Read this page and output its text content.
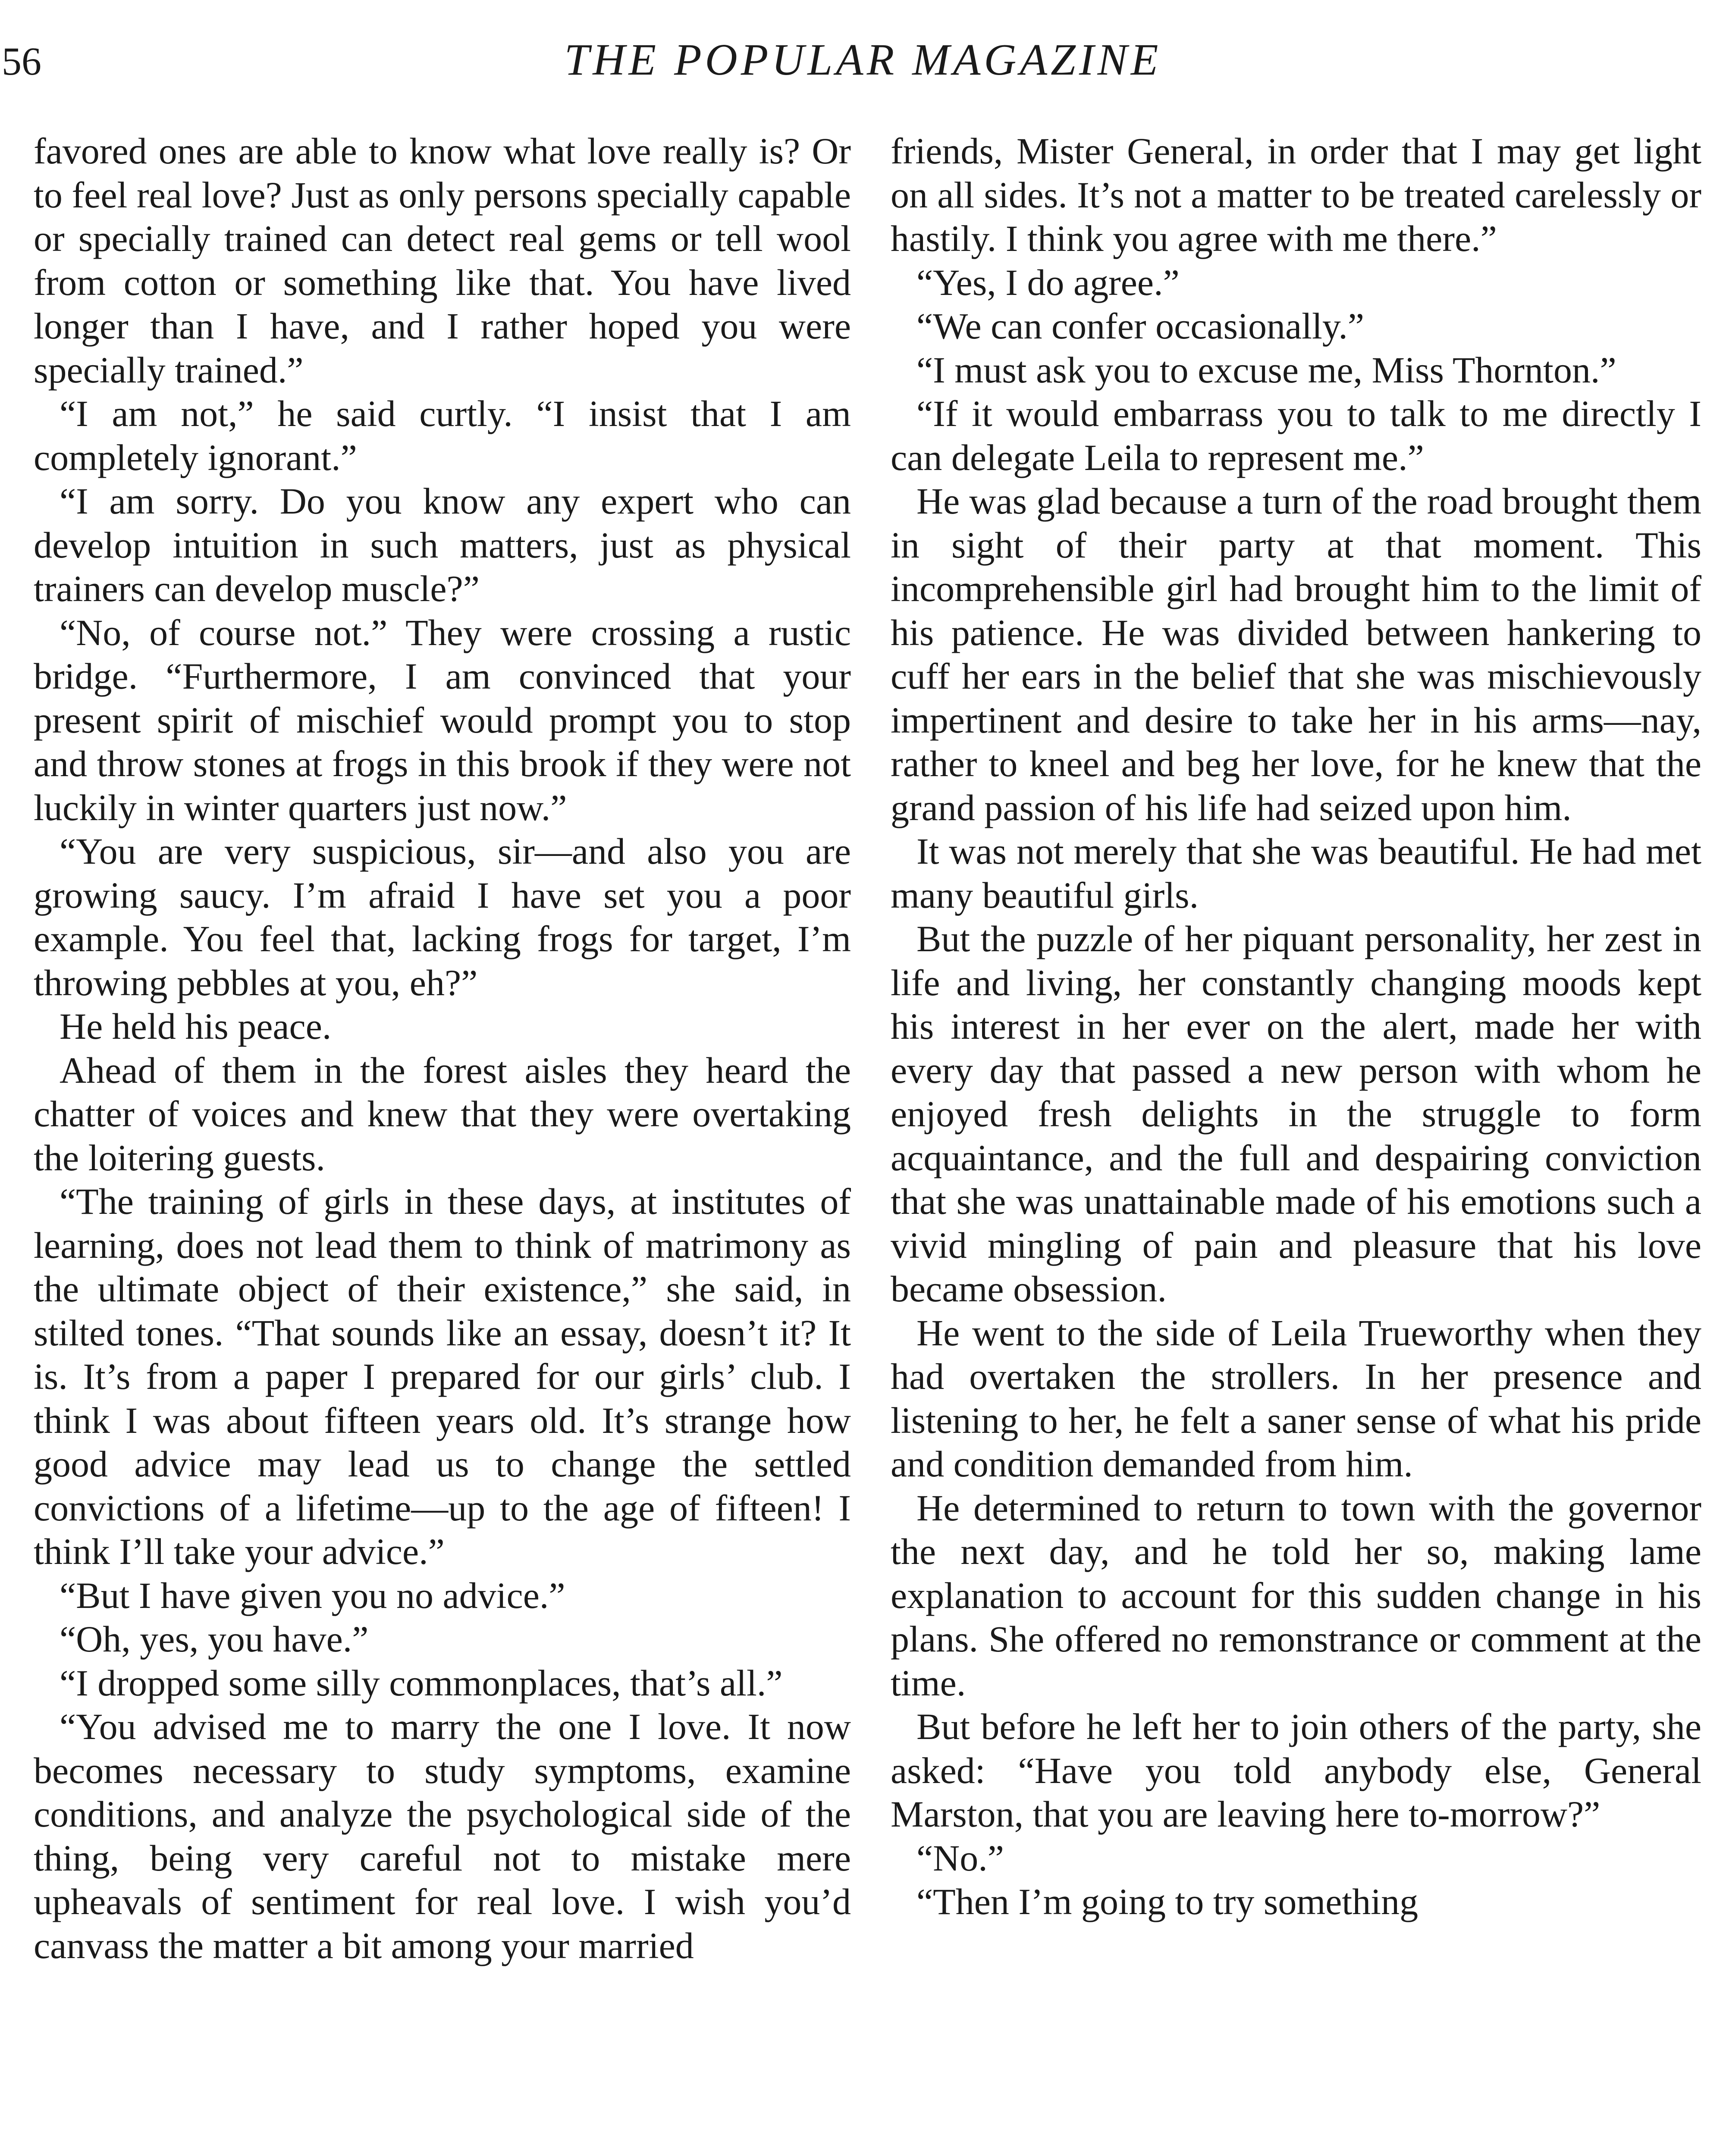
56	THE POPULAR MAGAZINE

favored ones are able to know what love really is? Or to feel real love? Just as only persons specially capable or specially trained can detect real gems or tell wool from cotton or something like that. You have lived longer than I have, and I rather hoped you were specially trained.”

“I am not,” he said curtly. “I insist that I am completely ignorant.”

“I am sorry. Do you know any expert who can develop intuition in such matters, just as physical trainers can develop muscle?”

“No, of course not.” They were crossing a rustic bridge. “Furthermore, I am convinced that your present spirit of mischief would prompt you to stop and throw stones at frogs in this brook if they were not luckily in winter quarters just now.”

“You are very suspicious, sir—and also you are growing saucy. I’m afraid I have set you a poor example. You feel that, lacking frogs for target, I’m throwing pebbles at you, eh?”

He held his peace.

Ahead of them in the forest aisles they heard the chatter of voices and knew that they were overtaking the loitering guests.

“The training of girls in these days, at institutes of learning, does not lead them to think of matrimony as the ultimate object of their existence,” she said, in stilted tones. “That sounds like an essay, doesn’t it? It is. It’s from a paper I prepared for our girls’ club. I think I was about fifteen years old. It’s strange how good advice may lead us to change the settled convictions of a lifetime—up to the age of fifteen! I think I’ll take your advice.”

“But I have given you no advice.”

“Oh, yes, you have.”

“I dropped some silly commonplaces, that’s all.”

“You advised me to marry the one I love. It now becomes necessary to study symptoms, examine conditions, and analyze the psychological side of the thing, being very careful not to mistake mere upheavals of sentiment for real love. I wish you’d canvass the matter a bit among your married

friends, Mister General, in order that I may get light on all sides. It’s not a matter to be treated carelessly or hastily. I think you agree with me there.”

“Yes, I do agree.”

“We can confer occasionally.”

“I must ask you to excuse me, Miss Thornton.”

“If it would embarrass you to talk to me directly I can delegate Leila to represent me.”

He was glad because a turn of the road brought them in sight of their party at that moment. This incomprehensible girl had brought him to the limit of his patience. He was divided between hankering to cuff her ears in the belief that she was mischievously impertinent and desire to take her in his arms—nay, rather to kneel and beg her love, for he knew that the grand passion of his life had seized upon him.

It was not merely that she was beautiful. He had met many beautiful girls.

But the puzzle of her piquant personality, her zest in life and living, her constantly changing moods kept his interest in her ever on the alert, made her with every day that passed a new person with whom he enjoyed fresh delights in the struggle to form acquaintance, and the full and despairing conviction that she was unattainable made of his emotions such a vivid mingling of pain and pleasure that his love became obsession.

He went to the side of Leila Trueworthy when they had overtaken the strollers. In her presence and listening to her, he felt a saner sense of what his pride and condition demanded from him.

He determined to return to town with the governor the next day, and he told her so, making lame explanation to account for this sudden change in his plans. She offered no remonstrance or comment at the time.

But before he left her to join others of the party, she asked: “Have you told anybody else, General Marston, that you are leaving here to-morrow?”

“No.”

“Then I’m going to try something
